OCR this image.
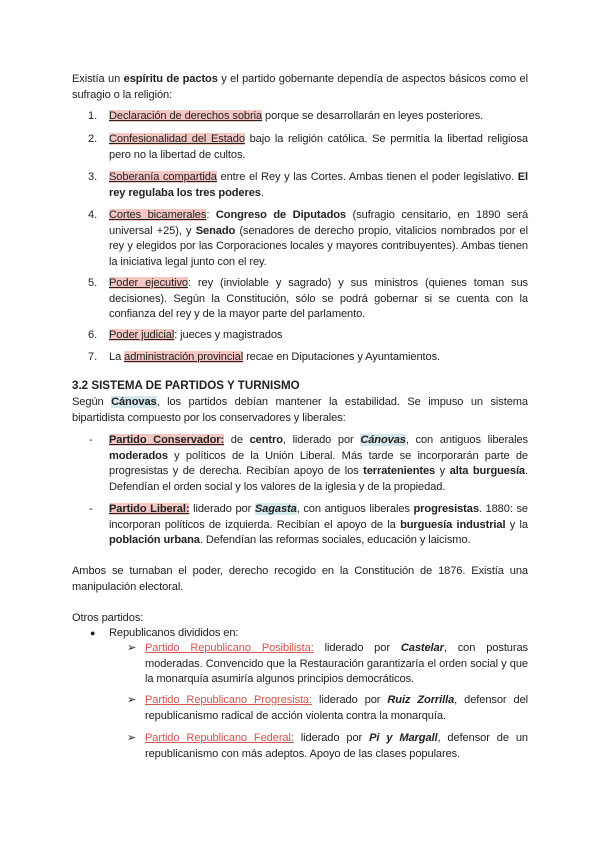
Existía un espíritu de pactos y el partido gobernante dependía de aspectos básicos como el sufragio o la religión:

1. Declaración de derechos sobria porque se desarrollarán en leyes posteriores.

2. Confesionalidad del Estado bajo la religión católica. Se permitía la libertad religiosa pero no la libertad de cultos.

3. Soberanía compartida entre el Rey y las Cortes. Ambas tienen el poder legislativo. El rey regulaba los tres poderes.

4. Cortes bicamerales: Congreso de Diputados (sufragio censitario, en 1890 será universal +25), y Senado (senadores de derecho propio, vitalicios nombrados por el rey y elegidos por las Corporaciones locales y mayores contribuyentes). Ambas tienen la iniciativa legal junto con el rey.

5. Poder ejecutivo: rey (inviolable y sagrado) y sus ministros (quienes toman sus decisiones). Según la Constitución, sólo se podrá gobernar si se cuenta con la confianza del rey y de la mayor parte del parlamento.

6. Poder judicial: jueces y magistrados

7. La administración provincial recae en Diputaciones y Ayuntamientos.

3.2 SISTEMA DE PARTIDOS Y TURNISMO

Según Cánovas, los partidos debían mantener la estabilidad. Se impuso un sistema bipartidista compuesto por los conservadores y liberales:

- Partido Conservador: de centro, liderado por Cánovas, con antiguos liberales moderados y políticos de la Unión Liberal. Más tarde se incorporarán parte de progresistas y de derecha. Recibían apoyo de los terratenientes y alta burguesía. Defendían el orden social y los valores de la iglesia y de la propiedad.

- Partido Liberal: liderado por Sagasta, con antiguos liberales progresistas. 1880: se incorporan políticos de izquierda. Recibían el apoyo de la burguesía industrial y la población urbana. Defendían las reformas sociales, educación y laicismo.

Ambos se turnaban el poder, derecho recogido en la Constitución de 1876. Existía una manipulación electoral.

Otros partidos:

● Republicanos divididos en:
➢ Partido Republicano Posibilista: liderado por Castelar, con posturas moderadas. Convencido que la Restauración garantizaría el orden social y que la monarquía asumiría algunos principios democráticos.

➢ Partido Republicano Progresista: liderado por Ruiz Zorrilla, defensor del republicanismo radical de acción violenta contra la monarquía.

➢ Partido Republicano Federal: liderado por Pi y Margall, defensor de un republicanismo con más adeptos. Apoyo de las clases populares.
